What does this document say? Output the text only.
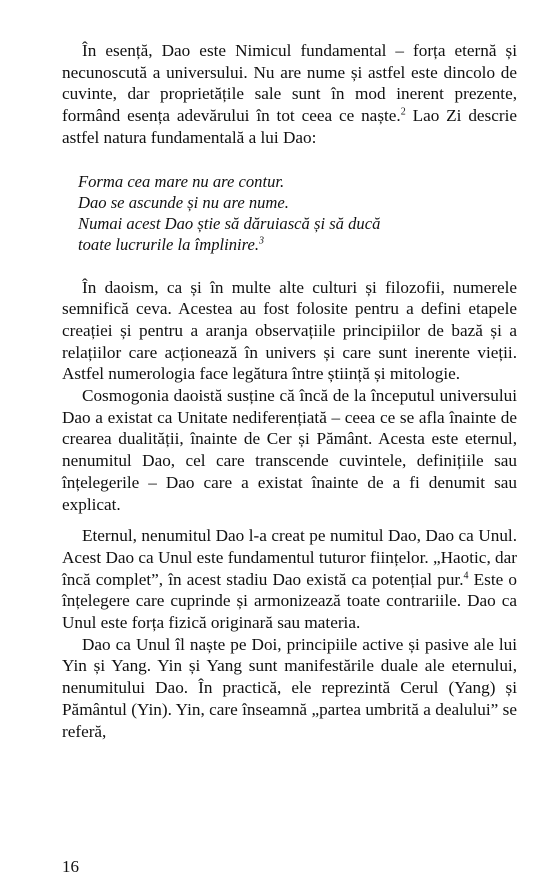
În esență, Dao este Nimicul fundamental – forța eternă și necunoscută a universului. Nu are nume și astfel este dincolo de cuvinte, dar proprietățile sale sunt în mod inerent prezente, formând esența adevărului în tot ceea ce naște.$^2$ Lao Zi descrie astfel natura fundamentală a lui Dao:

Forma cea mare nu are contur.
Dao se ascunde și nu are nume.
Numai acest Dao știe să dăruiască și să ducă
toate lucrurile la împlinire.$^3$

În daoism, ca și în multe alte culturi și filozofii, numerele semnifică ceva. Acestea au fost folosite pentru a defini etapele creației și pentru a aranja observațiile principiilor de bază și a relațiilor care acționează în univers și care sunt inerente vieții. Astfel numerologia face legătura între știință și mitologie.

Cosmogonia daoistă susține că încă de la începutul universului Dao a existat ca Unitate nediferențiată – ceea ce se afla înainte de crearea dualității, înainte de Cer și Pământ. Acesta este eternul, nenumitul Dao, cel care transcende cuvintele, definițiile sau înțelegerile – Dao care a existat înainte de a fi denumit sau explicat.

Eternul, nenumitul Dao l-a creat pe numitul Dao, Dao ca Unul. Acest Dao ca Unul este fundamentul tuturor ființelor. „Haotic, dar încă complet”, în acest stadiu Dao există ca potențial pur.$^4$ Este o înțelegere care cuprinde și armonizează toate contrariile. Dao ca Unul este forța fizică originară sau materia.

Dao ca Unul îl naște pe Doi, principiile active și pasive ale lui Yin și Yang. Yin și Yang sunt manifestările duale ale eternului, nenumitului Dao. În practică, ele reprezintă Cerul (Yang) și Pământul (Yin). Yin, care înseamnă „partea umbrită a dealului” se referă,

16
